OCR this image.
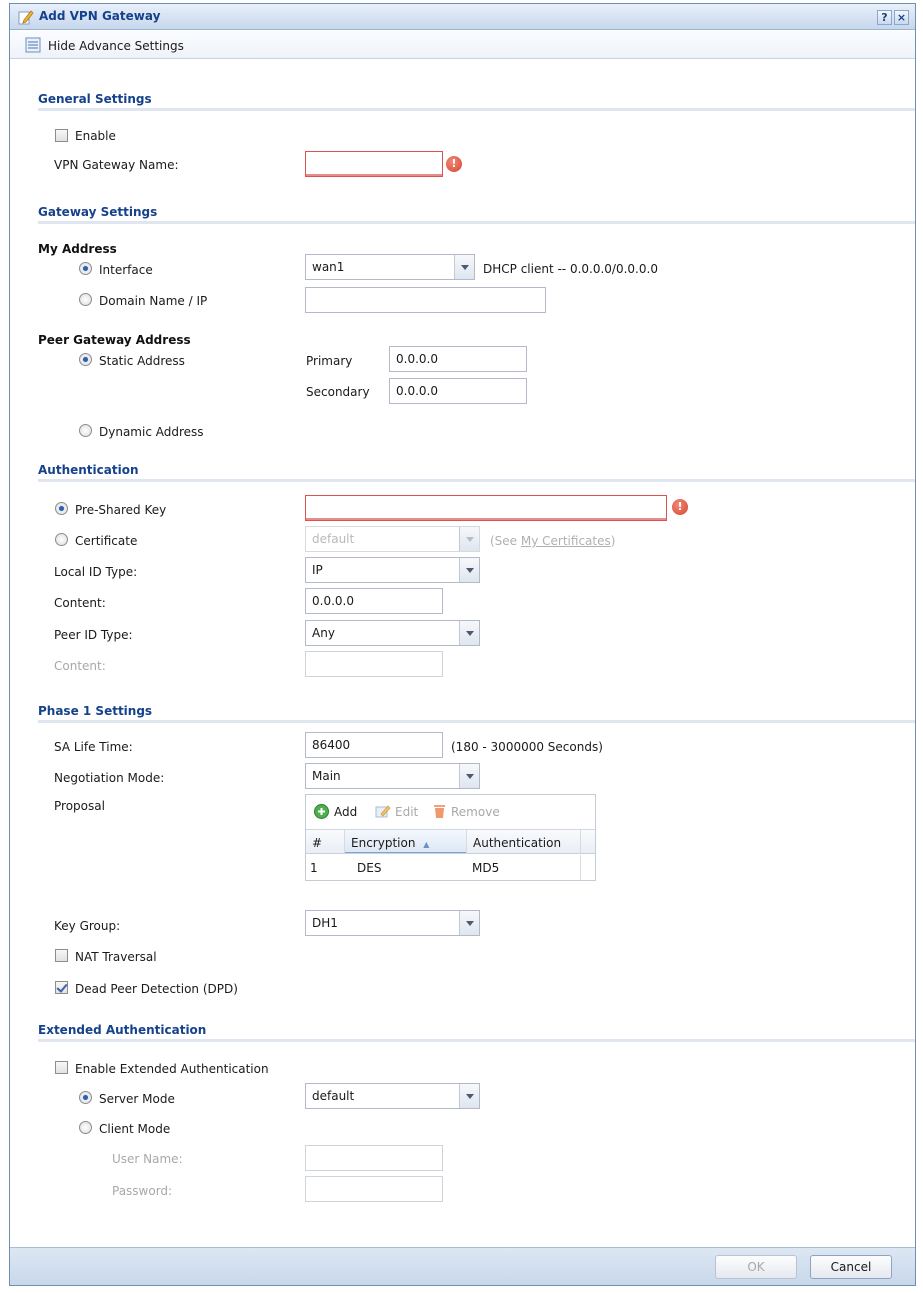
Add VPN Gateway	? ×
Hide Advance Settings
General Settings
Enable
VPN Gateway Name:	!
Gateway Settings
My Address
Interface	wan1	DHCP client -- 0.0.0.0/0.0.0.0
Domain Name / IP
Peer Gateway Address
Static Address	Primary	0.0.0.0
Secondary	0.0.0.0
Dynamic Address
Authentication
Pre-Shared Key	!
Certificate	default	(See My Certificates)
Local ID Type:	IP
Content:	0.0.0.0
Peer ID Type:	Any
Content:
Phase 1 Settings
SA Life Time:	86400	(180 - 3000000 Seconds)
Negotiation Mode:	Main
Proposal	Add	Edit	Remove
#	Encryption ▲	Authentication
1	DES	MD5
Key Group:	DH1
NAT Traversal
Dead Peer Detection (DPD)
Extended Authentication
Enable Extended Authentication
Server Mode	default
Client Mode
User Name:
Password:
OK	Cancel
